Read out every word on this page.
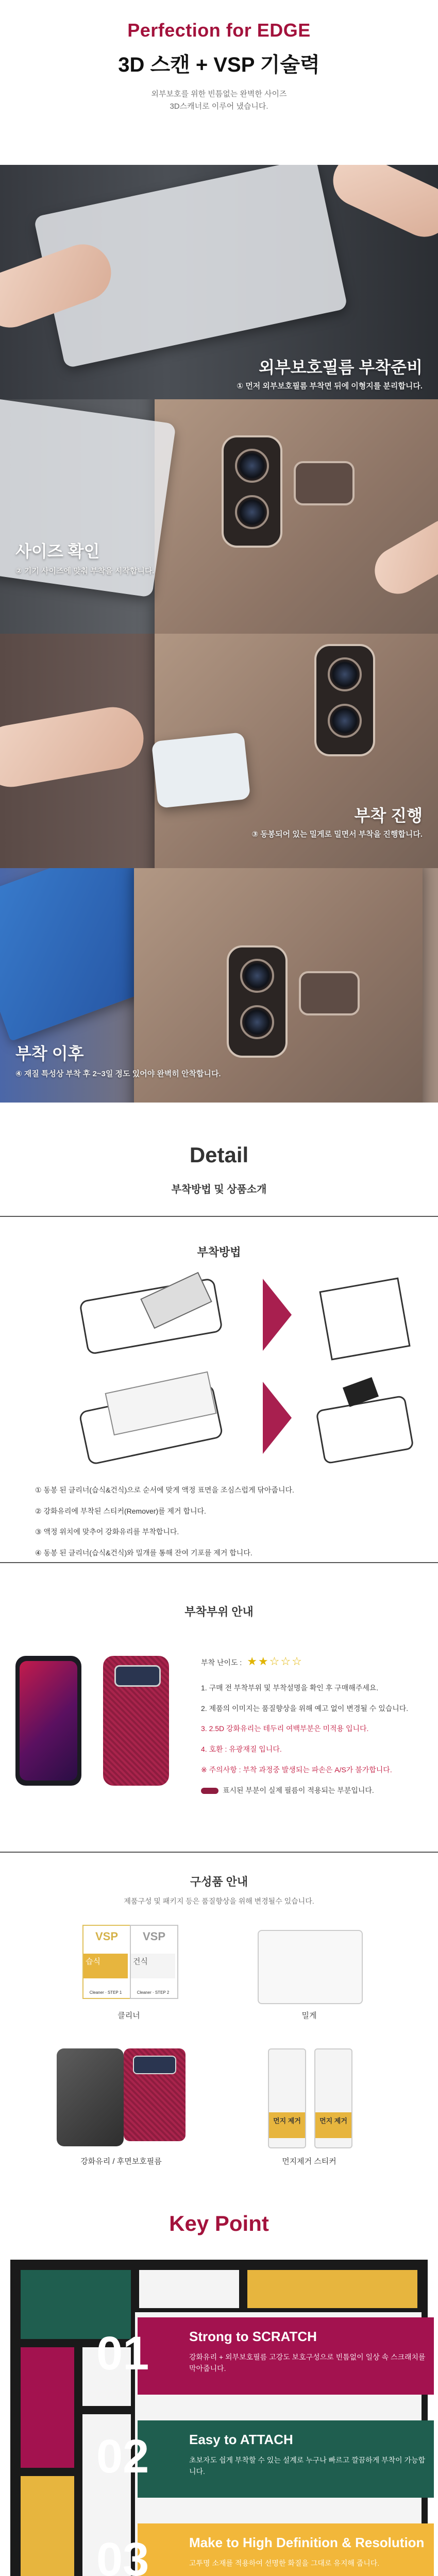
Perfection for EDGE
3D 스캔 + VSP 기술력
외부보호를 위한 빈틈없는 완벽한 사이즈
3D스캐너로 이루어 냈습니다.
외부보호필름 부착준비
① 먼저 외부보호필름 부착면 뒤에 이형지를 분리합니다.
사이즈 확인
② 기기 사이즈에 맞춰 부착을 시작합니다.
부착 진행
③ 동봉되어 있는 밀게로 밀면서 부착을 진행합니다.
부착 이후
④ 재질 특성상 부착 후 2~3일 정도 있어야 완벽히 안착합니다.
Detail
부착방법 및 상품소개
부착방법
① 동봉 된 클리너(습식&건식)으로 순서에 맞게 액정 표면을 조심스럽게 닦아줍니다.
② 강화유리에 부착된 스티커(Remover)를 제거 합니다.
③ 액정 위치에 맞추어 강화유리를 부착합니다.
④ 동봉 된 클리너(습식&건식)와 밀개를 통해 잔여 기포를 제거 합니다.
부착부위 안내
부착 난이도 : ★★☆☆☆
1. 구매 전 부착부위 및 부착설명을 확인 후 구매해주세요.
2. 제품의 이미지는 품질향상을 위해 예고 없이 변경될 수 있습니다.
3. 2.5D 강화유리는 테두리 여백부분은 미적용 입니다.
4. 호환 : 유광재질 입니다.
※ 주의사항 : 부착 과정중 발생되는 파손은 A/S가 불가합니다.
표시된 부분이 실제 필름이 적용되는 부분입니다.
구성품 안내
제품구성 및 패키지 등은 품질향상을 위해 변경될수 있습니다.
VSP
습식
Cleaner · STEP 1
VSP
건식
Cleaner · STEP 2
클리너	밀게
강화유리 / 후면보호필름
먼지 제거	먼지 제거
먼지제거 스티커
Key Point
01	Strong to SCRATCH
강화유리 + 외부보호필름 고강도 보호구성으로 빈틈없이 일상 속 스크래치를 막아줍니다.
02	Easy to ATTACH
초보자도 쉽게 부착할 수 있는 설계로 누구나 빠르고 깔끔하게 부착이 가능합니다.
03	Make to High Definition & Resolution
고투명 소재를 적용하여 선명한 화질을 그대로 유지해 줍니다.
